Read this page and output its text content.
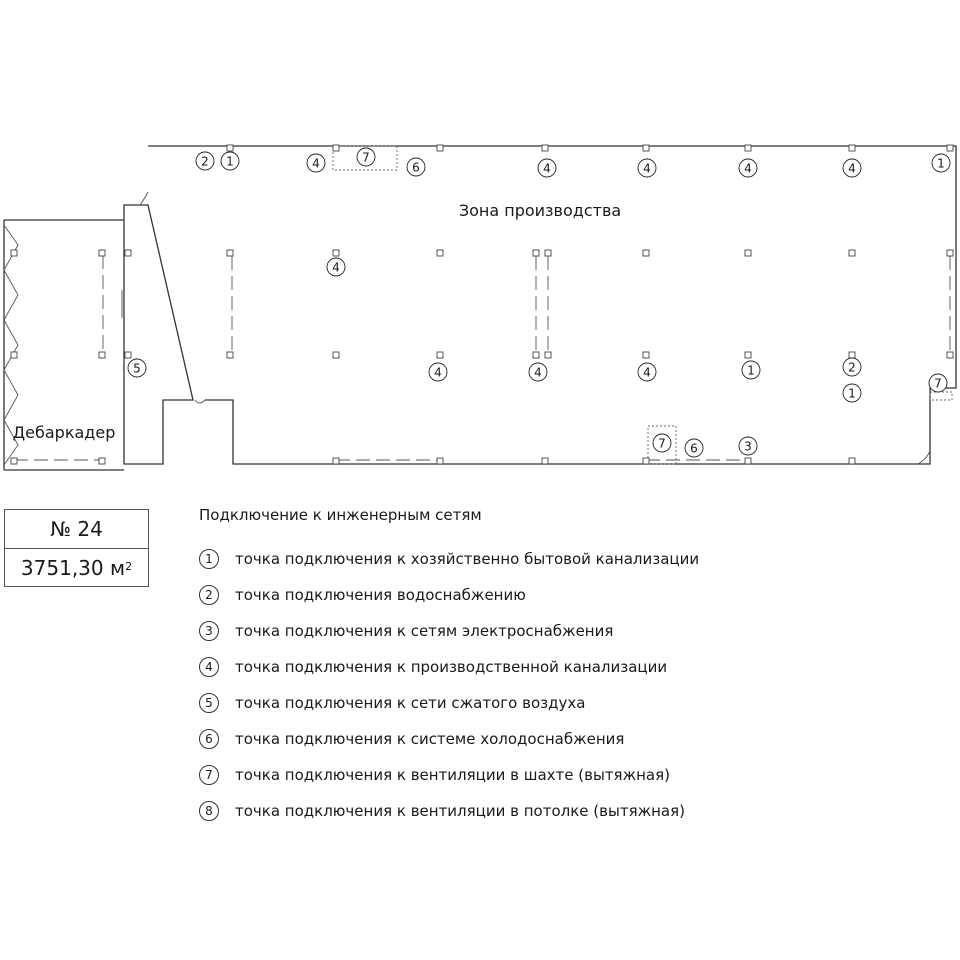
2 1	4	7
6	4	4	4	4	1
4
5	4	4	4	1	2
1
7
7 6	3
Зона производства
Дебаркадер
№ 24
3751,30 $м^2$
Подключение к инженерным сетям
1	точка подключения к хозяйственно бытовой канализации
2	точка подключения водоснабжению
3	точка подключения к сетям электроснабжения
4	точка подключения к производственной канализации
5	точка подключения к сети сжатого воздуха
6	точка подключения к системе холодоснабжения
7	точка подключения к вентиляции в шахте (вытяжная)
8	точка подключения к вентиляции в потолке (вытяжная)
